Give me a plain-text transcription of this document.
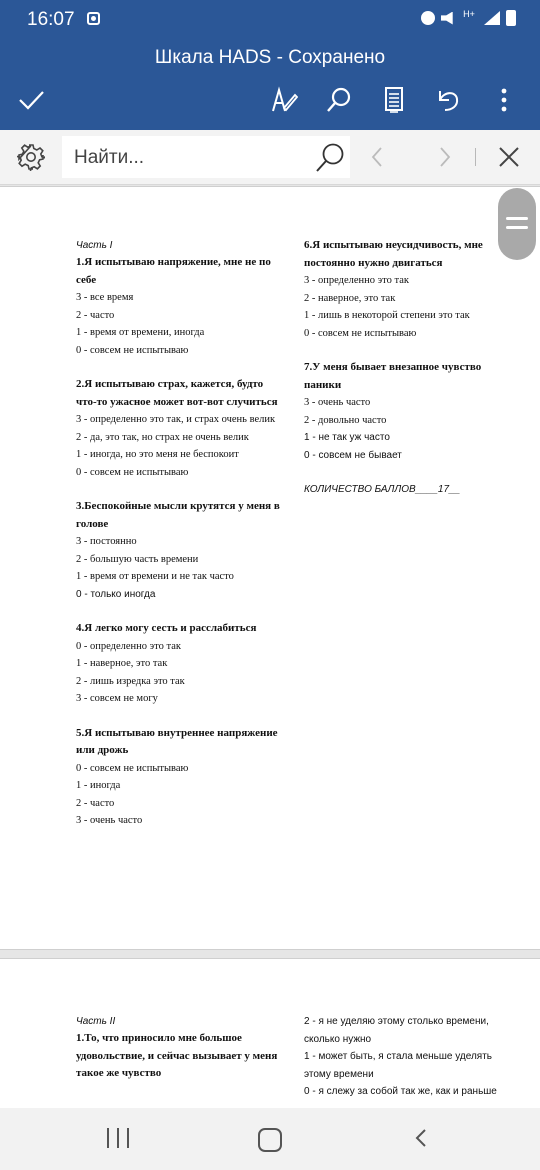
16:07	H+
Шкала HADS - Сохранено
Найти...
Часть I
1.Я испытываю напряжение, мне не по себе
3 - все время
2 - часто
1 - время от времени, иногда
0 - совсем не испытываю
2.Я испытываю страх, кажется, будто что-то ужасное может вот-вот случиться
3 - определенно это так, и страх очень велик
2 - да, это так, но страх не очень велик
1 - иногда, но это меня не беспокоит
0 - совсем не испытываю
3.Беспокойные мысли крутятся у меня в голове
3 - постоянно
2 - большую часть времени
1 - время от времени и не так часто
0 - только иногда
4.Я легко могу сесть и расслабиться
0 - определенно это так
1 - наверное, это так
2 - лишь изредка это так
3 - совсем не могу
5.Я испытываю внутреннее напряжение или дрожь
0 - совсем не испытываю
1 - иногда
2 - часто
3 - очень часто
6.Я испытываю неусидчивость, мне постоянно нужно двигаться
3 - определенно это так
2 - наверное, это так
1 - лишь в некоторой степени это так
0 - совсем не испытываю
7.У меня бывает внезапное чувство паники
3 - очень часто
2 - довольно часто
1 - не так уж часто
0 - совсем не бывает
КОЛИЧЕСТВО БАЛЛОВ____17__
Часть II
1.То, что приносило мне большое удовольствие, и сейчас вызывает у меня такое же чувство
2 - я не уделяю этому столько времени, сколько нужно
1 - может быть, я стала меньше уделять этому времени
0 - я слежу за собой так же, как и раньше
